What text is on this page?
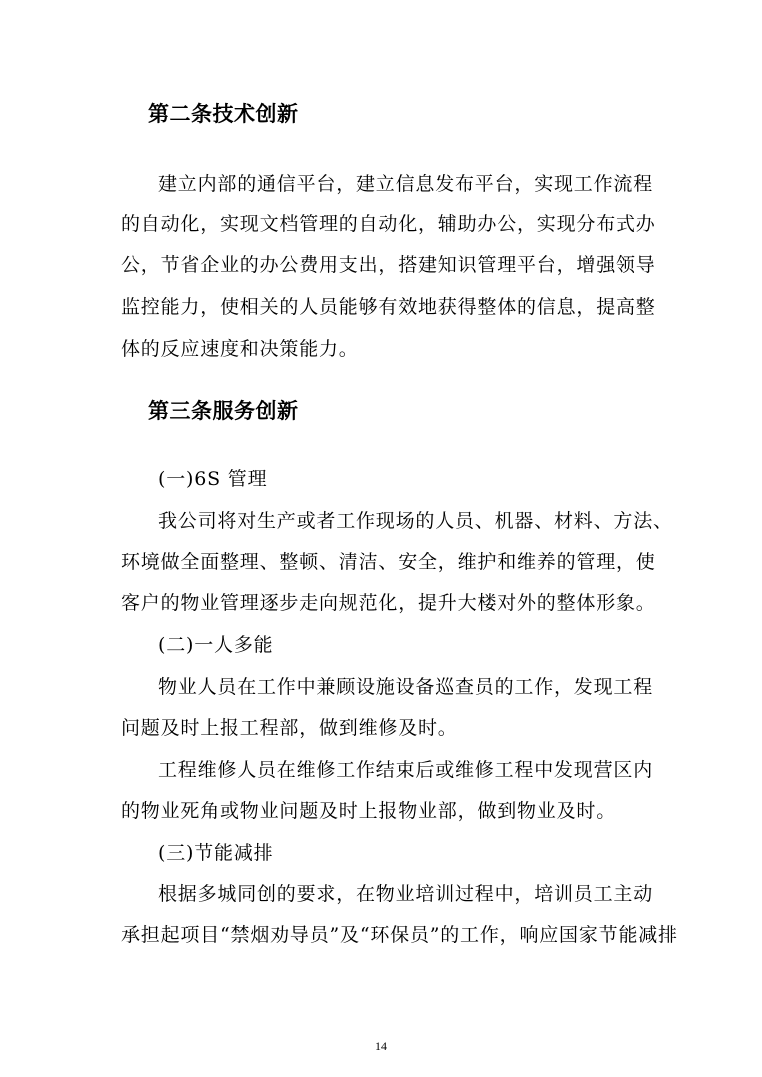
第二条技术创新
建立内部的通信平台，建立信息发布平台，实现工作流程
的自动化，实现文档管理的自动化，辅助办公，实现分布式办
公，节省企业的办公费用支出，搭建知识管理平台，增强领导
监控能力，使相关的人员能够有效地获得整体的信息，提高整
体的反应速度和决策能力。
第三条服务创新
(一)6S 管理
我公司将对生产或者工作现场的人员、机器、材料、方法、
环境做全面整理、整顿、清洁、安全，维护和维养的管理，使
客户的物业管理逐步走向规范化，提升大楼对外的整体形象。
(二)一人多能
物业人员在工作中兼顾设施设备巡查员的工作，发现工程
问题及时上报工程部，做到维修及时。
工程维修人员在维修工作结束后或维修工程中发现营区内
的物业死角或物业问题及时上报物业部，做到物业及时。
(三)节能减排
根据多城同创的要求，在物业培训过程中，培训员工主动
承担起项目“禁烟劝导员”及“环保员”的工作，响应国家节能减排
14
